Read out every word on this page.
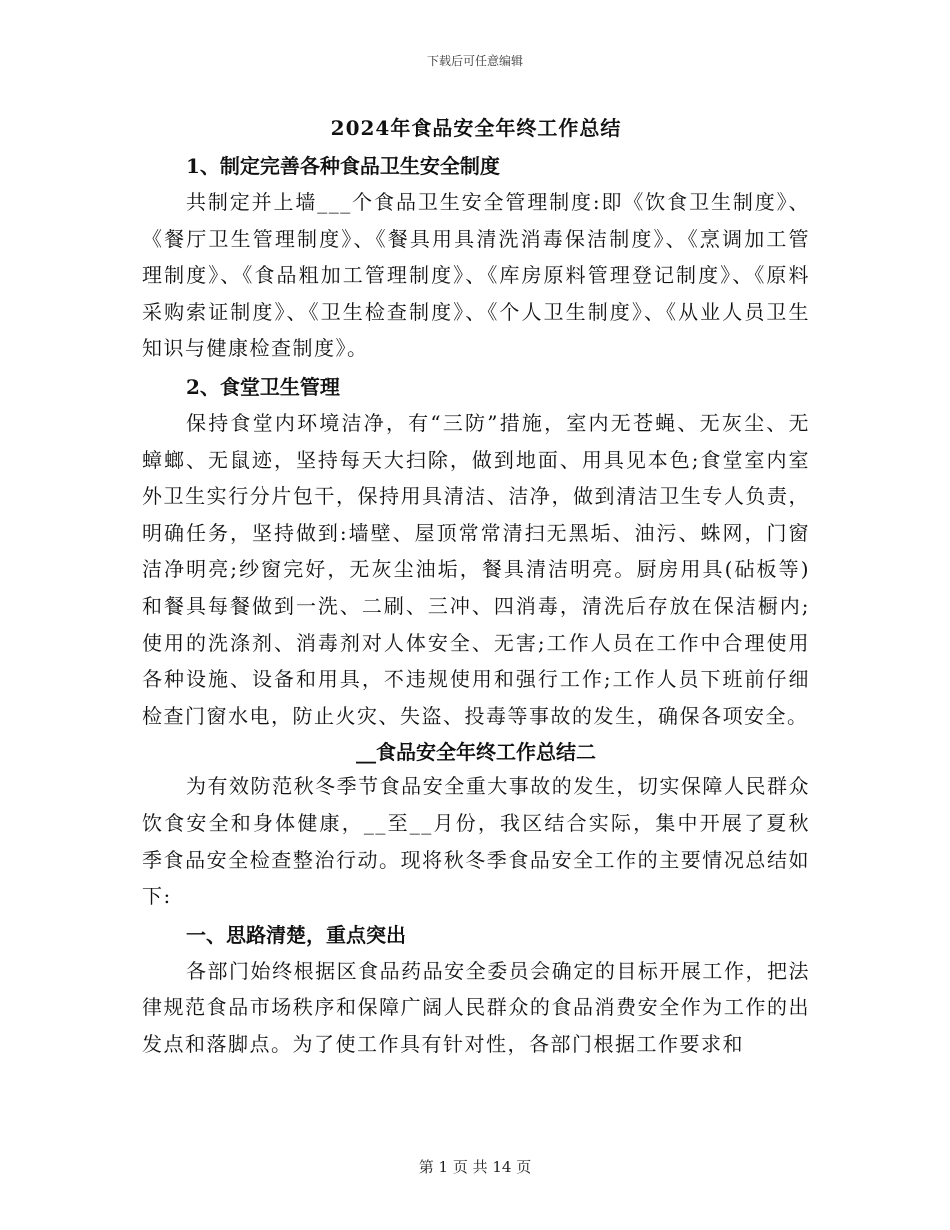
下载后可任意编辑
2024年食品安全年终工作总结
1、制定完善各种食品卫生安全制度

共制定并上墙___个食品卫生安全管理制度:即《饮食卫生制度》、《餐厅卫生管理制度》、《餐具用具清洗消毒保洁制度》、《烹调加工管理制度》、《食品粗加工管理制度》、《库房原料管理登记制度》、《原料采购索证制度》、《卫生检查制度》、《个人卫生制度》、《从业人员卫生知识与健康检查制度》。

2、食堂卫生管理

保持食堂内环境洁净，有“三防”措施，室内无苍蝇、无灰尘、无蟑螂、无鼠迹，坚持每天大扫除，做到地面、用具见本色;食堂室内室外卫生实行分片包干，保持用具清洁、洁净，做到清洁卫生专人负责，明确任务，坚持做到:墙壁、屋顶常常清扫无黑垢、油污、蛛网，门窗洁净明亮;纱窗完好，无灰尘油垢，餐具清洁明亮。厨房用具(砧板等)和餐具每餐做到一洗、二刷、三冲、四消毒，清洗后存放在保洁橱内;使用的洗涤剂、消毒剂对人体安全、无害;工作人员在工作中合理使用各种设施、设备和用具，不违规使用和强行工作;工作人员下班前仔细检查门窗水电，防止火灾、失盗、投毒等事故的发生，确保各项安全。

__食品安全年终工作总结二

为有效防范秋冬季节食品安全重大事故的发生，切实保障人民群众饮食安全和身体健康，__至__月份，我区结合实际，集中开展了夏秋季食品安全检查整治行动。现将秋冬季食品安全工作的主要情况总结如下:

一、思路清楚，重点突出

各部门始终根据区食品药品安全委员会确定的目标开展工作，把法律规范食品市场秩序和保障广阔人民群众的食品消费安全作为工作的出发点和落脚点。为了使工作具有针对性，各部门根据工作要求和

第 1 页 共 14 页
